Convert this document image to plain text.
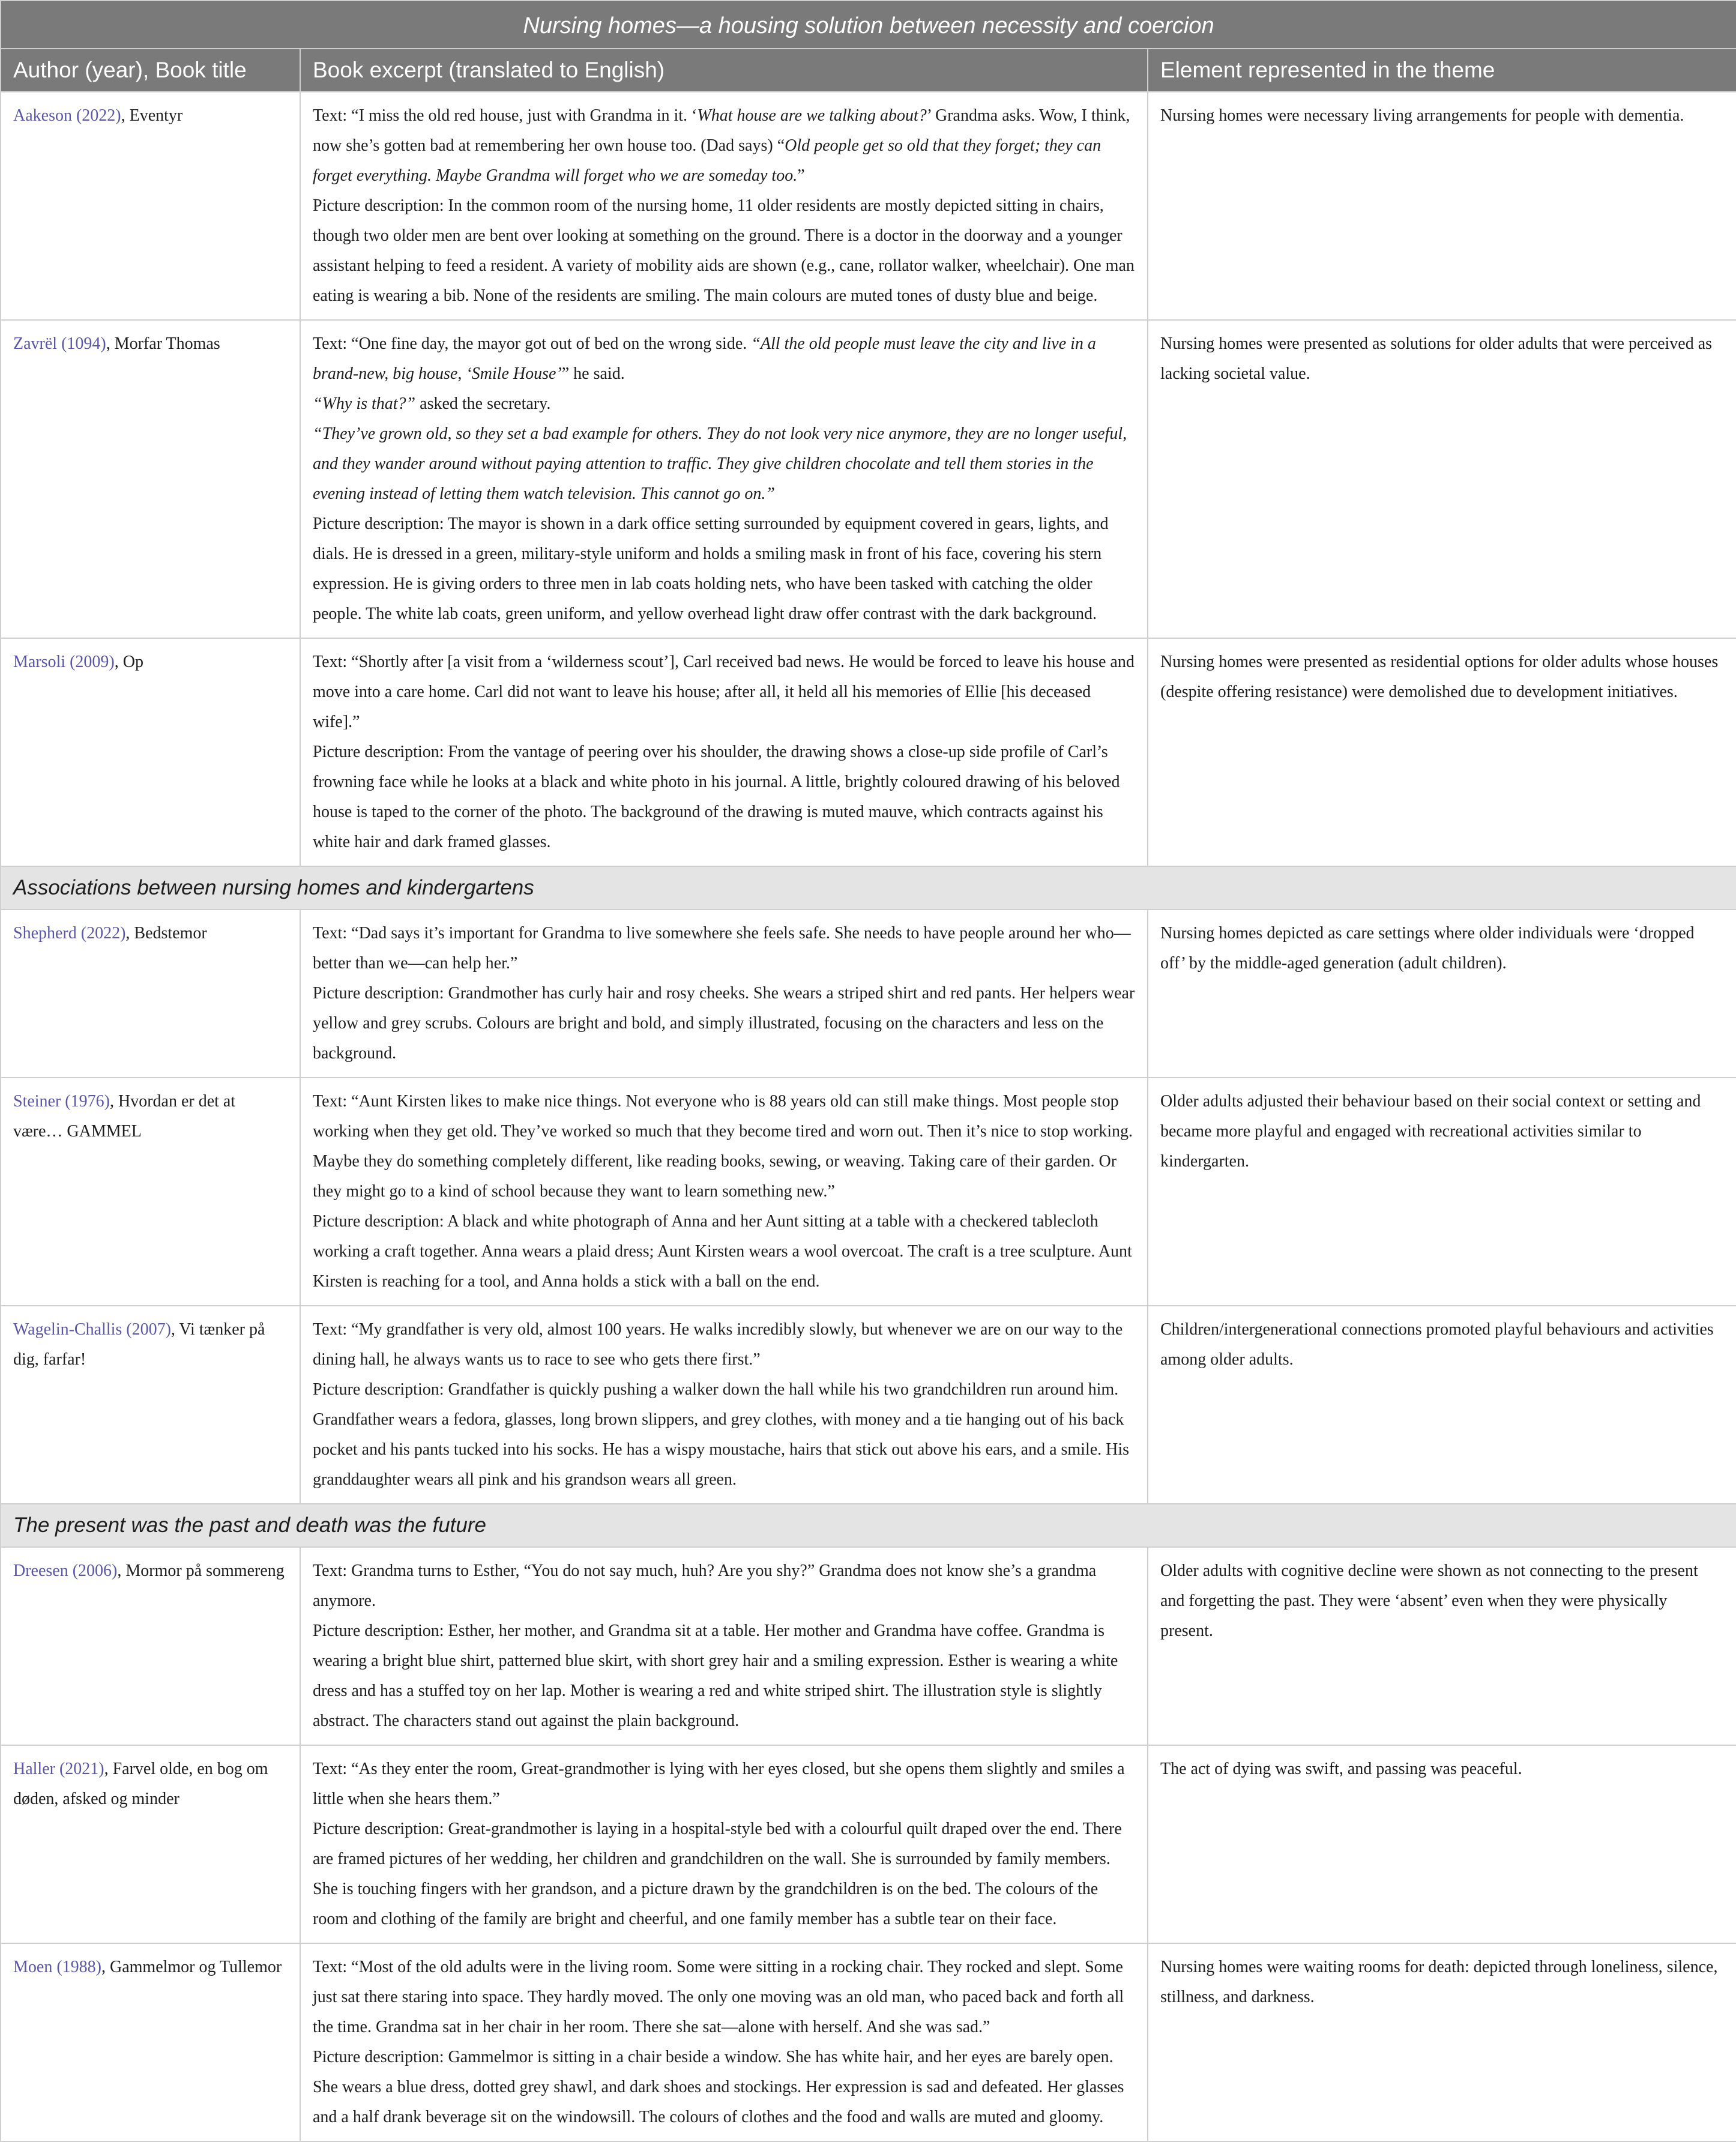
Nursing homes—a housing solution between necessity and coercion		
Author (year), Book title	Book excerpt (translated to English)	Element represented in the theme
Aakeson (2022), Eventyr	Text: “I miss the old red house, just with Grandma in it. ‘What house are we talking about?’ Grandma asks. Wow, I think, now she’s gotten bad at remembering her own house too. (Dad says) “Old people get so old that they forget; they can forget everything. Maybe Grandma will forget who we are someday too.”
Picture description: In the common room of the nursing home, 11 older residents are mostly depicted sitting in chairs, though two older men are bent over looking at something on the ground. There is a doctor in the doorway and a younger assistant helping to feed a resident. A variety of mobility aids are shown (e.g., cane, rollator walker, wheelchair). One man eating is wearing a bib. None of the residents are smiling. The main colours are muted tones of dusty blue and beige.	Nursing homes were necessary living arrangements for people with dementia.
Zavrël (1094), Morfar Thomas	Text: “One fine day, the mayor got out of bed on the wrong side. “All the old people must leave the city and live in a brand-new, big house, ‘Smile House’” he said.
“Why is that?” asked the secretary.
“They’ve grown old, so they set a bad example for others. They do not look very nice anymore, they are no longer useful, and they wander around without paying attention to traffic. They give children chocolate and tell them stories in the evening instead of letting them watch television. This cannot go on.”
Picture description: The mayor is shown in a dark office setting surrounded by equipment covered in gears, lights, and dials. He is dressed in a green, military-style uniform and holds a smiling mask in front of his face, covering his stern expression. He is giving orders to three men in lab coats holding nets, who have been tasked with catching the older people. The white lab coats, green uniform, and yellow overhead light draw offer contrast with the dark background.	Nursing homes were presented as solutions for older adults that were perceived as lacking societal value.
Marsoli (2009), Op	Text: “Shortly after [a visit from a ‘wilderness scout’], Carl received bad news. He would be forced to leave his house and move into a care home. Carl did not want to leave his house; after all, it held all his memories of Ellie [his deceased wife].”
Picture description: From the vantage of peering over his shoulder, the drawing shows a close-up side profile of Carl’s frowning face while he looks at a black and white photo in his journal. A little, brightly coloured drawing of his beloved house is taped to the corner of the photo. The background of the drawing is muted mauve, which contracts against his white hair and dark framed glasses.	Nursing homes were presented as residential options for older adults whose houses (despite offering resistance) were demolished due to development initiatives.
Associations between nursing homes and kindergartens		
Shepherd (2022), Bedstemor	Text: “Dad says it’s important for Grandma to live somewhere she feels safe. She needs to have people around her who—better than we—can help her.”
Picture description: Grandmother has curly hair and rosy cheeks. She wears a striped shirt and red pants. Her helpers wear yellow and grey scrubs. Colours are bright and bold, and simply illustrated, focusing on the characters and less on the background.	Nursing homes depicted as care settings where older individuals were ‘dropped off’ by the middle-aged generation (adult children).
Steiner (1976), Hvordan er det at være… GAMMEL	Text: “Aunt Kirsten likes to make nice things. Not everyone who is 88 years old can still make things. Most people stop working when they get old. They’ve worked so much that they become tired and worn out. Then it’s nice to stop working. Maybe they do something completely different, like reading books, sewing, or weaving. Taking care of their garden. Or they might go to a kind of school because they want to learn something new.”
Picture description: A black and white photograph of Anna and her Aunt sitting at a table with a checkered tablecloth working a craft together. Anna wears a plaid dress; Aunt Kirsten wears a wool overcoat. The craft is a tree sculpture. Aunt Kirsten is reaching for a tool, and Anna holds a stick with a ball on the end.	Older adults adjusted their behaviour based on their social context or setting and became more playful and engaged with recreational activities similar to kindergarten.
Wagelin-Challis (2007), Vi tænker på dig, farfar!	Text: “My grandfather is very old, almost 100 years. He walks incredibly slowly, but whenever we are on our way to the dining hall, he always wants us to race to see who gets there first.”
Picture description: Grandfather is quickly pushing a walker down the hall while his two grandchildren run around him. Grandfather wears a fedora, glasses, long brown slippers, and grey clothes, with money and a tie hanging out of his back pocket and his pants tucked into his socks. He has a wispy moustache, hairs that stick out above his ears, and a smile. His granddaughter wears all pink and his grandson wears all green.	Children/intergenerational connections promoted playful behaviours and activities among older adults.
The present was the past and death was the future		
Dreesen (2006), Mormor på sommereng	Text: Grandma turns to Esther, “You do not say much, huh? Are you shy?” Grandma does not know she’s a grandma anymore.
Picture description: Esther, her mother, and Grandma sit at a table. Her mother and Grandma have coffee. Grandma is wearing a bright blue shirt, patterned blue skirt, with short grey hair and a smiling expression. Esther is wearing a white dress and has a stuffed toy on her lap. Mother is wearing a red and white striped shirt. The illustration style is slightly abstract. The characters stand out against the plain background.	Older adults with cognitive decline were shown as not connecting to the present and forgetting the past. They were ‘absent’ even when they were physically present.
Haller (2021), Farvel olde, en bog om døden, afsked og minder	Text: “As they enter the room, Great-grandmother is lying with her eyes closed, but she opens them slightly and smiles a little when she hears them.”
Picture description: Great-grandmother is laying in a hospital-style bed with a colourful quilt draped over the end. There are framed pictures of her wedding, her children and grandchildren on the wall. She is surrounded by family members. She is touching fingers with her grandson, and a picture drawn by the grandchildren is on the bed. The colours of the room and clothing of the family are bright and cheerful, and one family member has a subtle tear on their face.	The act of dying was swift, and passing was peaceful.
Moen (1988), Gammelmor og Tullemor	Text: “Most of the old adults were in the living room. Some were sitting in a rocking chair. They rocked and slept. Some just sat there staring into space. They hardly moved. The only one moving was an old man, who paced back and forth all the time. Grandma sat in her chair in her room. There she sat—alone with herself. And she was sad.”
Picture description: Gammelmor is sitting in a chair beside a window. She has white hair, and her eyes are barely open. She wears a blue dress, dotted grey shawl, and dark shoes and stockings. Her expression is sad and defeated. Her glasses and a half drank beverage sit on the windowsill. The colours of clothes and the food and walls are muted and gloomy.	Nursing homes were waiting rooms for death: depicted through loneliness, silence, stillness, and darkness.
